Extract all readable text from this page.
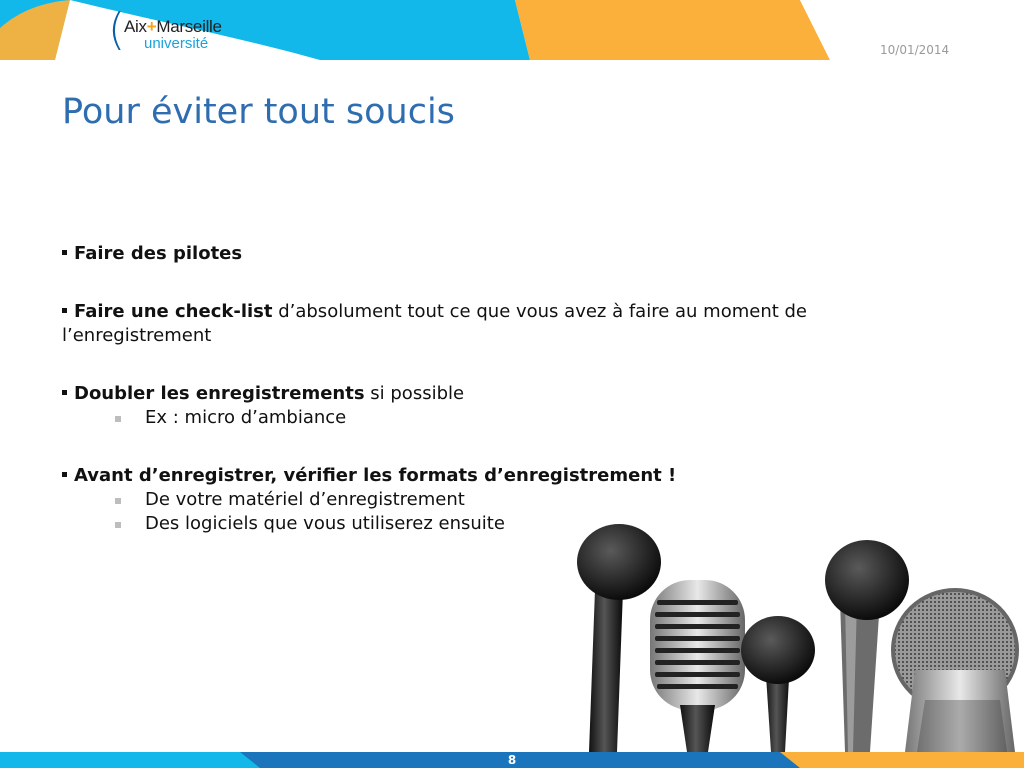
(
Aix+Marseille
université	10/01/2014
Pour éviter tout soucis
Faire des pilotes
Faire une check-list d’absolument tout ce que vous avez à faire au moment de l’enregistrement
Doubler les enregistrements si possible
Ex : micro d’ambiance
Avant d’enregistrer, vérifier les formats d’enregistrement !
De votre matériel d’enregistrement
Des logiciels que vous utiliserez ensuite
8
